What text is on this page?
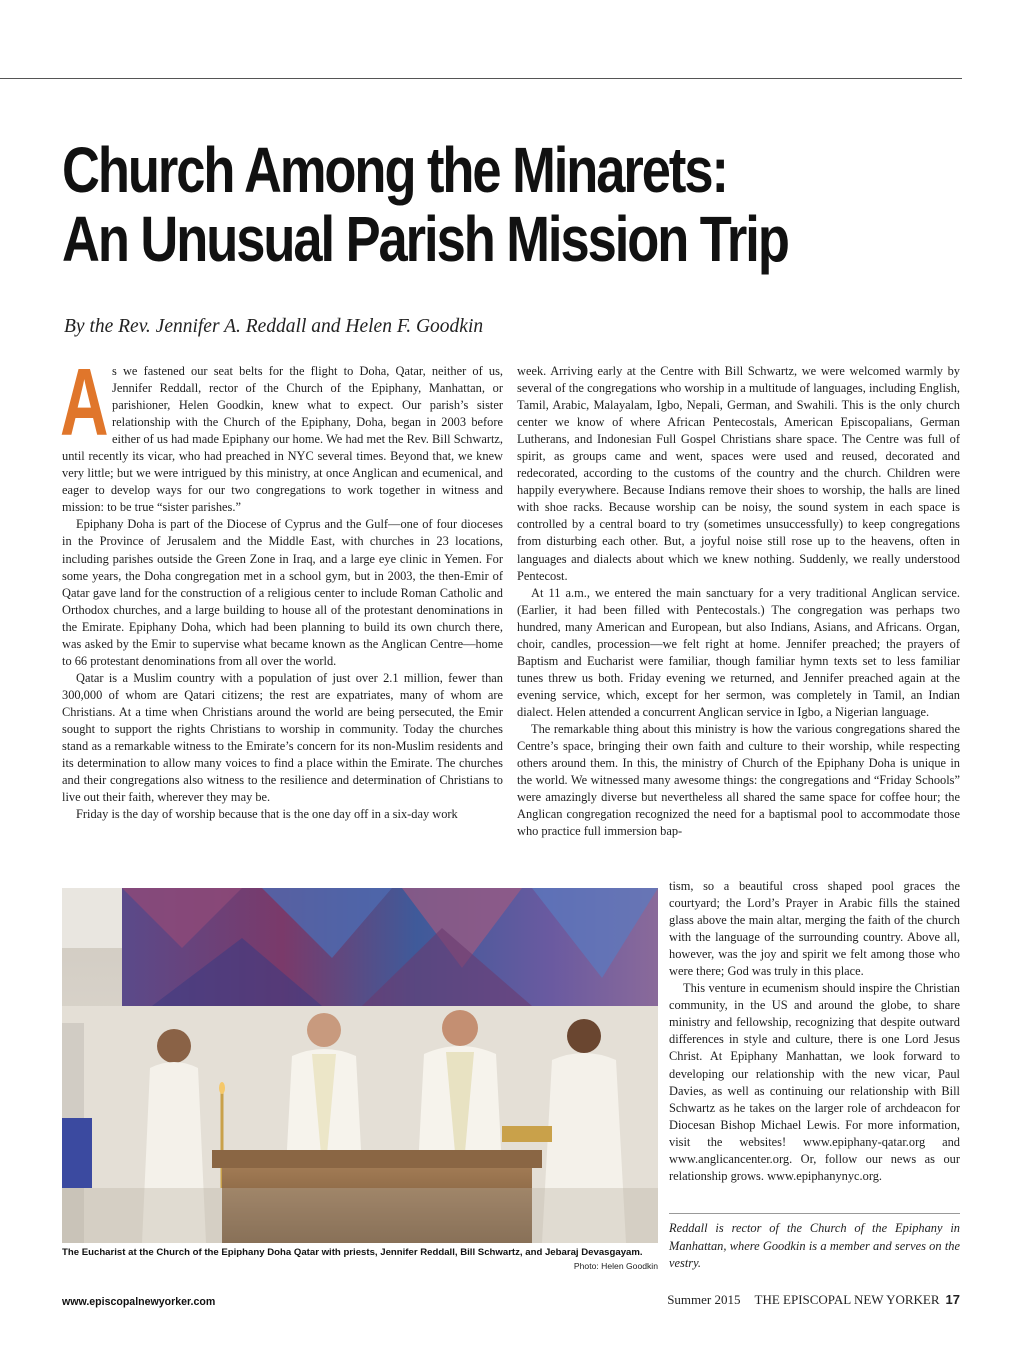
Church Among the Minarets:
An Unusual Parish Mission Trip
By the Rev. Jennifer A. Reddall and Helen F. Goodkin

As we fastened our seat belts for the flight to Doha, Qatar, neither of us, Jennifer Reddall, rector of the Church of the Epiphany, Manhattan, or parishioner, Helen Goodkin, knew what to expect. Our parish’s sister relationship with the Church of the Epiphany, Doha, began in 2003 before either of us had made Epiphany our home. We had met the Rev. Bill Schwartz, until recently its vicar, who had preached in NYC several times. Beyond that, we knew very little; but we were intrigued by this ministry, at once Anglican and ecumenical, and eager to develop ways for our two congregations to work together in witness and mission: to be true “sister parishes.”

Epiphany Doha is part of the Diocese of Cyprus and the Gulf—one of four dioceses in the Province of Jerusalem and the Middle East, with churches in 23 locations, including parishes outside the Green Zone in Iraq, and a large eye clinic in Yemen. For some years, the Doha congregation met in a school gym, but in 2003, the then-Emir of Qatar gave land for the construction of a religious center to include Roman Catholic and Orthodox churches, and a large building to house all of the protestant denominations in the Emirate. Epiphany Doha, which had been planning to build its own church there, was asked by the Emir to supervise what became known as the Anglican Centre—home to 66 protestant denominations from all over the world.

Qatar is a Muslim country with a population of just over 2.1 million, fewer than 300,000 of whom are Qatari citizens; the rest are expatriates, many of whom are Christians. At a time when Christians around the world are being persecuted, the Emir sought to support the rights Christians to worship in community. Today the churches stand as a remarkable witness to the Emirate’s concern for its non-Muslim residents and its determination to allow many voices to find a place within the Emirate. The churches and their congregations also witness to the resilience and determination of Christians to live out their faith, wherever they may be.

Friday is the day of worship because that is the one day off in a six-day work

week. Arriving early at the Centre with Bill Schwartz, we were welcomed warmly by several of the congregations who worship in a multitude of languages, including English, Tamil, Arabic, Malayalam, Igbo, Nepali, German, and Swahili. This is the only church center we know of where African Pentecostals, American Episcopalians, German Lutherans, and Indonesian Full Gospel Christians share space. The Centre was full of spirit, as groups came and went, spaces were used and reused, decorated and redecorated, according to the customs of the country and the church. Children were happily everywhere. Because Indians remove their shoes to worship, the halls are lined with shoe racks. Because worship can be noisy, the sound system in each space is controlled by a central board to try (sometimes unsuccessfully) to keep congregations from disturbing each other. But, a joyful noise still rose up to the heavens, often in languages and dialects about which we knew nothing. Suddenly, we really understood Pentecost.

At 11 a.m., we entered the main sanctuary for a very traditional Anglican service. (Earlier, it had been filled with Pentecostals.) The congregation was perhaps two hundred, many American and European, but also Indians, Asians, and Africans. Organ, choir, candles, procession—we felt right at home. Jennifer preached; the prayers of Baptism and Eucharist were familiar, though familiar hymn texts set to less familiar tunes threw us both. Friday evening we returned, and Jennifer preached again at the evening service, which, except for her sermon, was completely in Tamil, an Indian dialect. Helen attended a concurrent Anglican service in Igbo, a Nigerian language.

The remarkable thing about this ministry is how the various congregations shared the Centre’s space, bringing their own faith and culture to their worship, while respecting others around them. In this, the ministry of Church of the Epiphany Doha is unique in the world. We witnessed many awesome things: the congregations and “Friday Schools” were amazingly diverse but nevertheless all shared the same space for coffee hour; the Anglican congregation recognized the need for a baptismal pool to accommodate those who practice full immersion bap-

tism, so a beautiful cross shaped pool graces the courtyard; the Lord’s Prayer in Arabic fills the stained glass above the main altar, merging the faith of the church with the language of the surrounding country. Above all, however, was the joy and spirit we felt among those who were there; God was truly in this place.

This venture in ecumenism should inspire the Christian community, in the US and around the globe, to share ministry and fellowship, recognizing that despite outward differences in style and culture, there is one Lord Jesus Christ. At Epiphany Manhattan, we look forward to developing our relationship with the new vicar, Paul Davies, as well as continuing our relationship with Bill Schwartz as he takes on the larger role of archdeacon for Diocesan Bishop Michael Lewis. For more information, visit the websites! www.epiphany-qatar.org and www.anglicancenter.org. Or, follow our news as our relationship grows. www.epiphanynyc.org.

Reddall is rector of the Church of the Epiphany in Manhattan, where Goodkin is a member and serves on the vestry.
The Eucharist at the Church of the Epiphany Doha Qatar with priests, Jennifer Reddall, Bill Schwartz, and Jebaraj Devasgayam.
Photo: Helen Goodkin
www.episcopalnewyorker.com	Summer 2015 THE EPISCOPAL NEW YORKER 17
